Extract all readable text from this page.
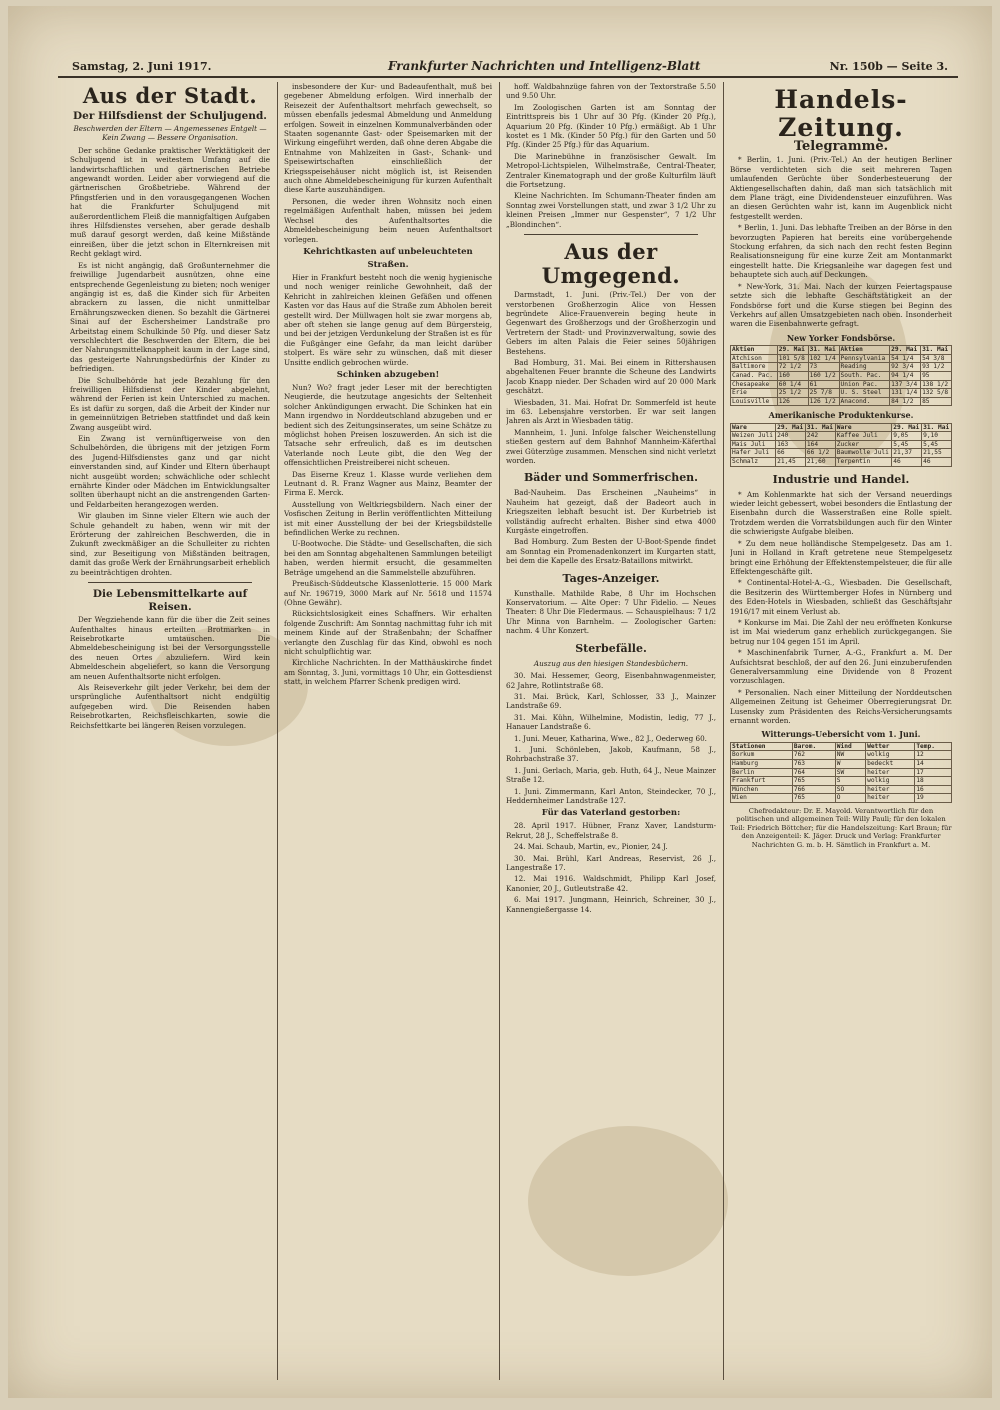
Samstag, 2. Juni 1917.	Frankfurter Nachrichten und Intelligenz-Blatt	Nr. 150b — Seite 3.
Aus der Stadt.
Der Hilfsdienst der Schuljugend.
Beschwerden der Eltern — Angemessenes Entgelt — Kein Zwang — Bessere Organisation.

Der schöne Gedanke praktischer Werktätigkeit der Schuljugend ist in weitestem Umfang auf die landwirtschaftlichen und gärtnerischen Betriebe angewandt worden. Leider aber vorwiegend auf die gärtnerischen Großbetriebe. Während der Pfingstferien und in den vorausgegangenen Wochen hat die Frankfurter Schuljugend mit außerordentlichem Fleiß die mannigfaltigen Aufgaben ihres Hilfsdienstes versehen, aber gerade deshalb muß darauf gesorgt werden, daß keine Mißstände einreißen, über die jetzt schon in Elternkreisen mit Recht geklagt wird.

Es ist nicht angängig, daß Großunternehmer die freiwillige Jugendarbeit ausnützen, ohne eine entsprechende Gegenleistung zu bieten; noch weniger angängig ist es, daß die Kinder sich für Arbeiten abrackern zu lassen, die nicht unmittelbar Ernährungszwecken dienen. So bezahlt die Gärtnerei Sinai auf der Eschersheimer Landstraße pro Arbeitstag einem Schulkinde 50 Pfg. und dieser Satz verschlechtert die Beschwerden der Eltern, die bei der Nahrungsmittelknappheit kaum in der Lage sind, das gesteigerte Nahrungsbedürfnis der Kinder zu befriedigen.

Die Schulbehörde hat jede Bezahlung für den freiwilligen Hilfsdienst der Kinder abgelehnt, während der Ferien ist kein Unterschied zu machen. Es ist dafür zu sorgen, daß die Arbeit der Kinder nur in gemeinnützigen Betrieben stattfindet und daß kein Zwang ausgeübt wird.

Ein Zwang ist vernünftigerweise von den Schulbehörden, die übrigens mit der jetzigen Form des Jugend-Hilfsdienstes ganz und gar nicht einverstanden sind, auf Kinder und Eltern überhaupt nicht ausgeübt worden; schwächliche oder schlecht ernährte Kinder oder Mädchen im Entwicklungsalter sollten überhaupt nicht an die anstrengenden Garten- und Feldarbeiten herangezogen werden.

Wir glauben im Sinne vieler Eltern wie auch der Schule gehandelt zu haben, wenn wir mit der Erörterung der zahlreichen Beschwerden, die in Zukunft zweckmäßiger an die Schulleiter zu richten sind, zur Beseitigung von Mißständen beitragen, damit das große Werk der Ernährungsarbeit erheblich zu beeinträchtigen drohten.

Die Lebensmittelkarte auf Reisen.

Der Wegziehende kann für die über die Zeit seines Aufenthaltes hinaus erteilten Brotmarken in Reisebrotkarte umtauschen. Die Abmeldebescheinigung ist bei der Versorgungsstelle des neuen Ortes abzuliefern. Wird kein Abmeldeschein abgeliefert, so kann die Versorgung am neuen Aufenthaltsorte nicht erfolgen.

Als Reiseverkehr gilt jeder Verkehr, bei dem der ursprüngliche Aufenthaltsort nicht endgültig aufgegeben wird. Die Reisenden haben Reisebrotkarten, Reichsfleischkarten, sowie die Reichsfettkarte bei längeren Reisen vorzulegen.

insbesondere der Kur- und Badeaufenthalt, muß bei gegebener Abmeldung erfolgen. Wird innerhalb der Reisezeit der Aufenthaltsort mehrfach gewechselt, so müssen ebenfalls jedesmal Abmeldung und Anmeldung erfolgen. Soweit in einzelnen Kommunalverbänden oder Staaten sogenannte Gast- oder Speisemarken mit der Wirkung eingeführt werden, daß ohne deren Abgabe die Entnahme von Mahlzeiten in Gast-, Schank- und Speisewirtschaften einschließlich der Kriegsspeisehäuser nicht möglich ist, ist Reisenden auch ohne Abmeldebescheinigung für kurzen Aufenthalt diese Karte auszuhändigen.

Personen, die weder ihren Wohnsitz noch einen regelmäßigen Aufenthalt haben, müssen bei jedem Wechsel des Aufenthaltsortes die Abmeldebescheinigung beim neuen Aufenthaltsort vorlegen.

Kehrichtkasten auf unbeleuchteten Straßen.

Hier in Frankfurt besteht noch die wenig hygienische und noch weniger reinliche Gewohnheit, daß der Kehricht in zahlreichen kleinen Gefäßen und offenen Kasten vor das Haus auf die Straße zum Abholen bereit gestellt wird. Der Müllwagen holt sie zwar morgens ab, aber oft stehen sie lange genug auf dem Bürgersteig, und bei der jetzigen Verdunkelung der Straßen ist es für die Fußgänger eine Gefahr, da man leicht darüber stolpert. Es wäre sehr zu wünschen, daß mit dieser Unsitte endlich gebrochen würde.

Schinken abzugeben!

Nun? Wo? fragt jeder Leser mit der berechtigten Neugierde, die heutzutage angesichts der Seltenheit solcher Ankündigungen erwacht. Die Schinken hat ein Mann irgendwo in Norddeutschland abzugeben und er bedient sich des Zeitungsinserates, um seine Schätze zu möglichst hohen Preisen loszuwerden. An sich ist die Tatsache sehr erfreulich, daß es im deutschen Vaterlande noch Leute gibt, die den Weg der offensichtlichen Preistreiberei nicht scheuen.

Das Eiserne Kreuz 1. Klasse wurde verliehen dem Leutnant d. R. Franz Wagner aus Mainz, Beamter der Firma E. Merck.

Ausstellung von Weltkriegsbildern. Nach einer der Vosfischen Zeitung in Berlin veröffentlichten Mitteilung ist mit einer Ausstellung der bei der Kriegsbildstelle befindlichen Werke zu rechnen.

U-Bootwoche. Die Städte- und Gesellschaften, die sich bei den am Sonntag abgehaltenen Sammlungen beteiligt haben, werden hiermit ersucht, die gesammelten Beträge umgehend an die Sammelstelle abzuführen.

Preußisch-Süddeutsche Klassenlotterie. 15 000 Mark auf Nr. 196719, 3000 Mark auf Nr. 5618 und 11574 (Ohne Gewähr).

Rücksichtslosigkeit eines Schaffners. Wir erhalten folgende Zuschrift: Am Sonntag nachmittag fuhr ich mit meinem Kinde auf der Straßenbahn; der Schaffner verlangte den Zuschlag für das Kind, obwohl es noch nicht schulpflichtig war.

Kirchliche Nachrichten. In der Matthäuskirche findet am Sonntag, 3. Juni, vormittags 10 Uhr, ein Gottesdienst statt, in welchem Pfarrer Schenk predigen wird.

hoff. Waldbahnzüge fahren von der Textorstraße 5.50 und 9.50 Uhr.

Im Zoologischen Garten ist am Sonntag der Eintrittspreis bis 1 Uhr auf 30 Pfg. (Kinder 20 Pfg.), Aquarium 20 Pfg. (Kinder 10 Pfg.) ermäßigt. Ab 1 Uhr kostet es 1 Mk. (Kinder 50 Pfg.) für den Garten und 50 Pfg. (Kinder 25 Pfg.) für das Aquarium.

Die Marinebühne in französischer Gewalt. Im Metropol-Lichtspielen, Wilhelmstraße, Central-Theater, Zentraler Kinematograph und der große Kulturfilm läuft die Fortsetzung.

Kleine Nachrichten. Im Schumann-Theater finden am Sonntag zwei Vorstellungen statt, und zwar 3 1/2 Uhr zu kleinen Preisen „Immer nur Gespenster“, 7 1/2 Uhr „Blondinchen“.

Aus der Umgegend.

Darmstadt, 1. Juni. (Priv.-Tel.) Der von der verstorbenen Großherzogin Alice von Hessen begründete Alice-Frauenverein beging heute in Gegenwart des Großherzogs und der Großherzogin und Vertretern der Stadt- und Provinzverwaltung, sowie des Gebers im alten Palais die Feier seines 50jährigen Bestehens.

Bad Homburg, 31. Mai. Bei einem in Rittershausen abgehaltenen Feuer brannte die Scheune des Landwirts Jacob Knapp nieder. Der Schaden wird auf 20 000 Mark geschätzt.

Wiesbaden, 31. Mai. Hofrat Dr. Sommerfeld ist heute im 63. Lebensjahre verstorben. Er war seit langen Jahren als Arzt in Wiesbaden tätig.

Mannheim, 1. Juni. Infolge falscher Weichenstellung stießen gestern auf dem Bahnhof Mannheim-Käferthal zwei Güterzüge zusammen. Menschen sind nicht verletzt worden.

Bäder und Sommerfrischen.

Bad-Nauheim. Das Erscheinen „Nauheims“ in Nauheim hat gezeigt, daß der Badeort auch in Kriegszeiten lebhaft besucht ist. Der Kurbetrieb ist vollständig aufrecht erhalten. Bisher sind etwa 4000 Kurgäste eingetroffen.

Bad Homburg. Zum Besten der U-Boot-Spende findet am Sonntag ein Promenadenkonzert im Kurgarten statt, bei dem die Kapelle des Ersatz-Bataillons mitwirkt.

Tages-Anzeiger.

Kunsthalle. Mathilde Rabe, 8 Uhr im Hochschen Konservatorium. — Alte Oper: 7 Uhr Fidelio. — Neues Theater: 8 Uhr Die Fledermaus. — Schauspielhaus: 7 1/2 Uhr Minna von Barnhelm. — Zoologischer Garten: nachm. 4 Uhr Konzert.

Sterbefälle.
Auszug aus den hiesigen Standesbüchern.

30. Mai. Hessemer, Georg, Eisenbahnwagenmeister, 62 Jahre, Rotlintstraße 68.

31. Mai. Brück, Karl, Schlosser, 33 J., Mainzer Landstraße 69.

31. Mai. Kühn, Wilhelmine, Modistin, ledig, 77 J., Hanauer Landstraße 6.

1. Juni. Meuer, Katharina, Wwe., 82 J., Oederweg 60.

1. Juni. Schönleben, Jakob, Kaufmann, 58 J., Rohrbachstraße 37.

1. Juni. Gerlach, Maria, geb. Huth, 64 J., Neue Mainzer Straße 12.

1. Juni. Zimmermann, Karl Anton, Steindecker, 70 J., Heddernheimer Landstraße 127.

Für das Vaterland gestorben:

28. April 1917. Hübner, Franz Xaver, Landsturm-Rekrut, 28 J., Scheffelstraße 8.

24. Mai. Schaub, Martin, ev., Pionier, 24 J.

30. Mai. Brühl, Karl Andreas, Reservist, 26 J., Langestraße 17.

12. Mai 1916. Waldschmidt, Philipp Karl Josef, Kanonier, 20 J., Gutleutstraße 42.

6. Mai 1917. Jungmann, Heinrich, Schreiner, 30 J., Kannengießergasse 14.

Handels-Zeitung.
Telegramme.

* Berlin, 1. Juni. (Priv.-Tel.) An der heutigen Berliner Börse verdichteten sich die seit mehreren Tagen umlaufenden Gerüchte über Sonderbesteuerung der Aktiengesellschaften dahin, daß man sich tatsächlich mit dem Plane trägt, eine Dividendensteuer einzuführen. Was an diesen Gerüchten wahr ist, kann im Augenblick nicht festgestellt werden.

* Berlin, 1. Juni. Das lebhafte Treiben an der Börse in den bevorzugten Papieren hat bereits eine vorübergehende Stockung erfahren, da sich nach den recht festen Beginn Realisationsneigung für eine kurze Zeit am Montanmarkt eingestellt hatte. Die Kriegsanleihe war dagegen fest und behauptete sich auch auf Deckungen.

* New-York, 31. Mai. Nach der kurzen Feiertagspause setzte sich die lebhafte Geschäftstätigkeit an der Fondsbörse fort und die Kurse stiegen bei Beginn des Verkehrs auf allen Umsatzgebieten nach oben. Insonderheit waren die Eisenbahnwerte gefragt.

New Yorker Fondsbörse.
Aktien	29. Mai	31. Mai	Aktien	29. Mai	31. Mai
Atchison	101 5/8	102 1/4	Pennsylvania	54 1/4	54 3/8
Baltimore	72 1/2	73	Reading	92 3/4	93 1/2
Canad. Pac.	160	160 1/2	South. Pac.	94 1/4	95
Chesapeake	60 1/4	61	Union Pac.	137 3/4	138 1/2
Erie	25 1/2	25 7/8	U. S. Steel	131 1/4	132 5/8
Louisville	126	126 1/2	Anacond.	84 1/2	85
Amerikanische Produktenkurse.
Ware	29. Mai	31. Mai	Ware	29. Mai	31. Mai
Weizen Juli	240	242	Kaffee Juli	9,05	9,10
Mais Juli	163	164	Zucker	5,45	5,45
Hafer Juli	66	66 1/2	Baumwolle Juli	21,37	21,55
Schmalz	21,45	21,60	Terpentin	46	46
Industrie und Handel.

* Am Kohlenmarkte hat sich der Versand neuerdings wieder leicht gebessert, wobei besonders die Entlastung der Eisenbahn durch die Wasserstraßen eine Rolle spielt. Trotzdem werden die Vorratsbildungen auch für den Winter die schwierigste Aufgabe bleiben.

* Zu dem neue holländische Stempelgesetz. Das am 1. Juni in Holland in Kraft getretene neue Stempelgesetz bringt eine Erhöhung der Effektenstempelsteuer, die für alle Effektengeschäfte gilt.

* Continental-Hotel-A.-G., Wiesbaden. Die Gesellschaft, die Besitzerin des Württemberger Hofes in Nürnberg und des Eden-Hotels in Wiesbaden, schließt das Geschäftsjahr 1916/17 mit einem Verlust ab.

* Konkurse im Mai. Die Zahl der neu eröffneten Konkurse ist im Mai wiederum ganz erheblich zurückgegangen. Sie betrug nur 104 gegen 151 im April.

* Maschinenfabrik Turner, A.-G., Frankfurt a. M. Der Aufsichtsrat beschloß, der auf den 26. Juni einzuberufenden Generalversammlung eine Dividende von 8 Prozent vorzuschlagen.

* Personalien. Nach einer Mitteilung der Norddeutschen Allgemeinen Zeitung ist Geheimer Oberregierungsrat Dr. Lusensky zum Präsidenten des Reichs-Versicherungsamts ernannt worden.

Witterungs-Uebersicht vom 1. Juni.
Stationen	Barom.	Wind	Wetter	Temp.
Borkum	762	NW	wolkig	12
Hamburg	763	W	bedeckt	14
Berlin	764	SW	heiter	17
Frankfurt	765	S	wolkig	18
München	766	SO	heiter	16
Wien	765	O	heiter	19
Chefredakteur: Dr. E. Mayold. Verantwortlich für den politischen und allgemeinen Teil: Willy Pauli; für den lokalen Teil: Friedrich Böttcher; für die Handelszeitung: Karl Braun; für den Anzeigenteil: K. Jäger. Druck und Verlag: Frankfurter Nachrichten G. m. b. H. Sämtlich in Frankfurt a. M.
